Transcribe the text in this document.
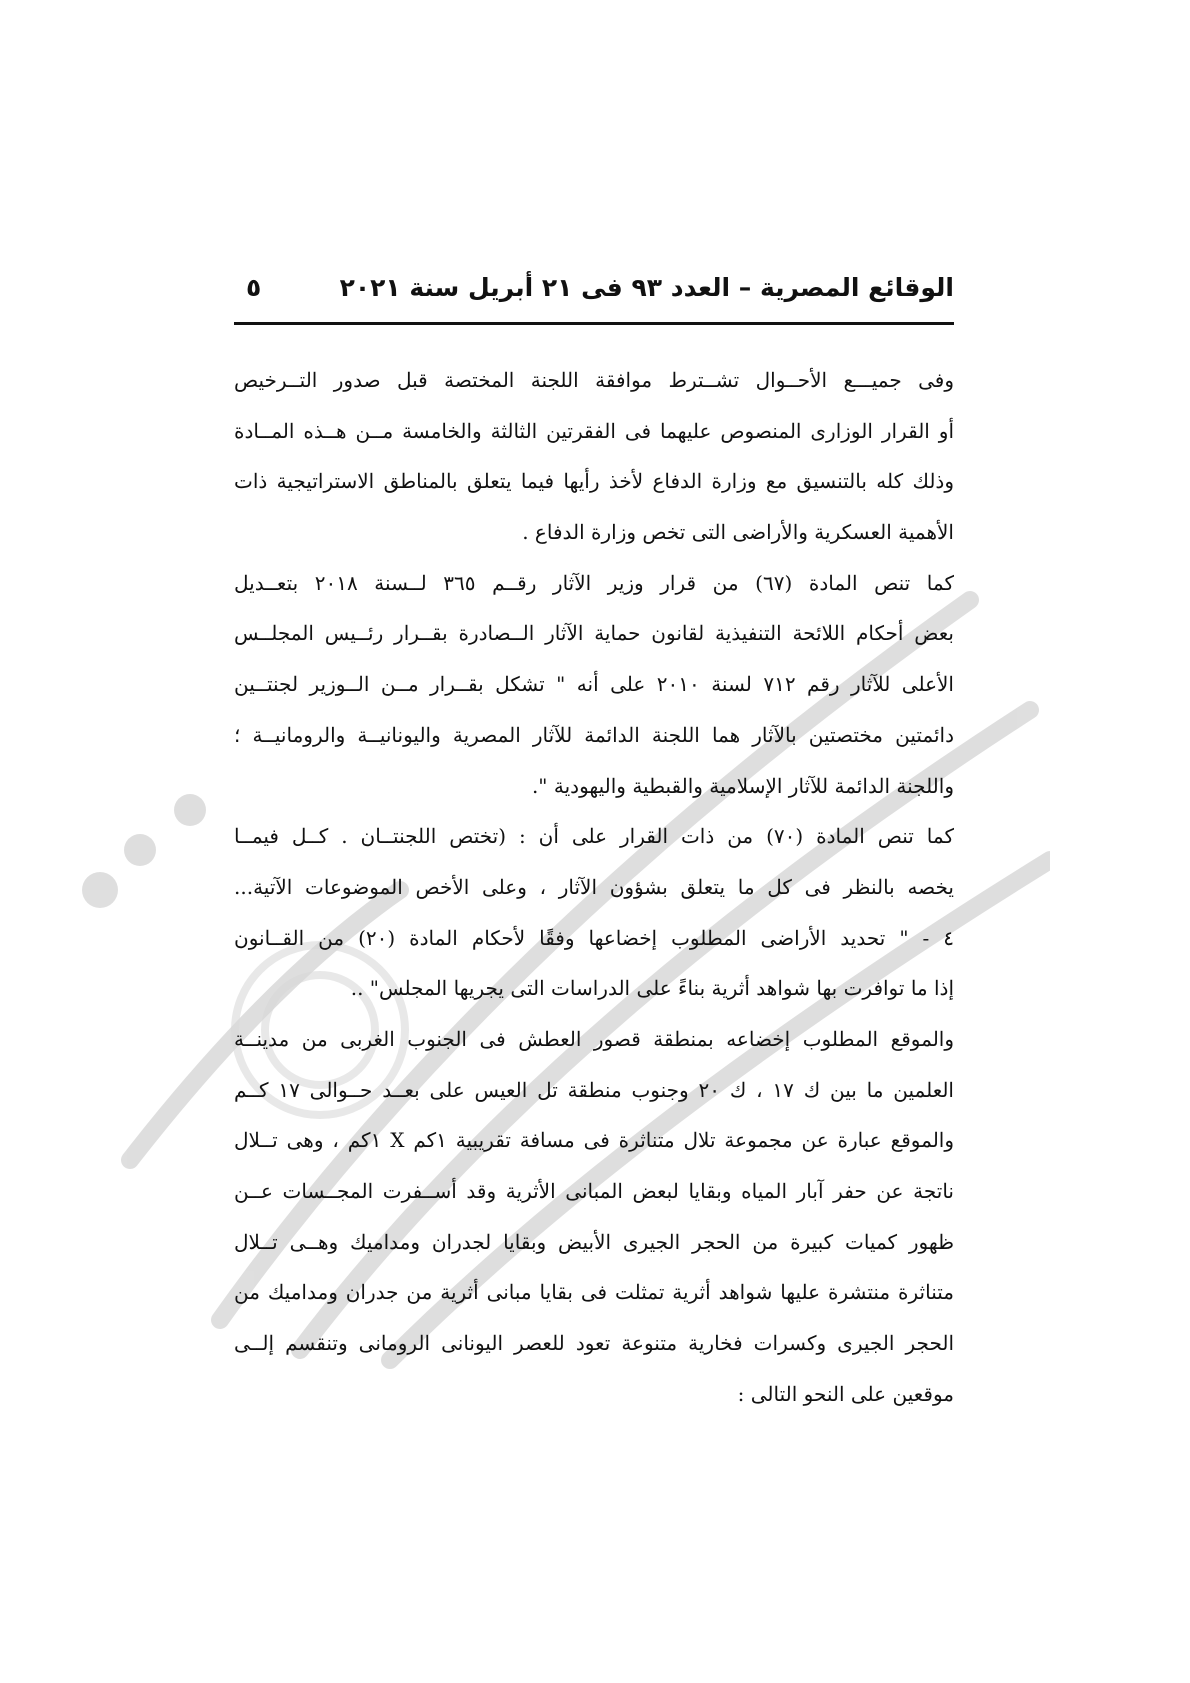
الوقائع المصرية – العدد ٩٣ فى ٢١ أبريل سنة ٢٠٢١
٥
وفى جميـــع الأحــوال تشــترط موافقة اللجنة المختصة قبل صدور التــرخيص
أو القرار الوزارى المنصوص عليهما فى الفقرتين الثالثة والخامسة مــن هــذه المــادة
وذلك كله بالتنسيق مع وزارة الدفاع لأخذ رأيها فيما يتعلق بالمناطق الاستراتيجية ذات
الأهمية العسكرية والأراضى التى تخص وزارة الدفاع .
كما تنص المادة (٦٧) من قرار وزير الآثار رقــم ٣٦٥ لــسنة ٢٠١٨ بتعــديل
بعض أحكام اللائحة التنفيذية لقانون حماية الآثار الــصادرة بقــرار رئــيس المجلــس
الأعلى للآثار رقم ٧١٢ لسنة ٢٠١٠ على أنه " تشكل بقــرار مــن الــوزير لجنتــين
دائمتين مختصتين بالآثار هما اللجنة الدائمة للآثار المصرية واليونانيــة والرومانيــة ؛
واللجنة الدائمة للآثار الإسلامية والقبطية واليهودية ".
كما تنص المادة (٧٠) من ذات القرار على أن : (تختص اللجنتــان . كــل فيمــا
يخصه بالنظر فى كل ما يتعلق بشؤون الآثار ، وعلى الأخص الموضوعات الآتية...
٤ - " تحديد الأراضى المطلوب إخضاعها وفقًا لأحكام المادة (٢٠) من القــانون
إذا ما توافرت بها شواهد أثرية بناءً على الدراسات التى يجريها المجلس" ..
والموقع المطلوب إخضاعه بمنطقة قصور العطش فى الجنوب الغربى من مدينــة
العلمين ما بين ك ١٧ ، ك ٢٠ وجنوب منطقة تل العيس على بعــد حــوالى ١٧ كــم
والموقع عبارة عن مجموعة تلال متناثرة فى مسافة تقريبية ١كم X ١كم ، وهى تــلال
ناتجة عن حفر آبار المياه وبقايا لبعض المبانى الأثرية وقد أســفرت المجــسات عــن
ظهور كميات كبيرة من الحجر الجيرى الأبيض وبقايا لجدران ومداميك وهــى تــلال
متناثرة منتشرة عليها شواهد أثرية تمثلت فى بقايا مبانى أثرية من جدران ومداميك من
الحجر الجيرى وكسرات فخارية متنوعة تعود للعصر اليونانى الرومانى وتنقسم إلــى
موقعين على النحو التالى :
